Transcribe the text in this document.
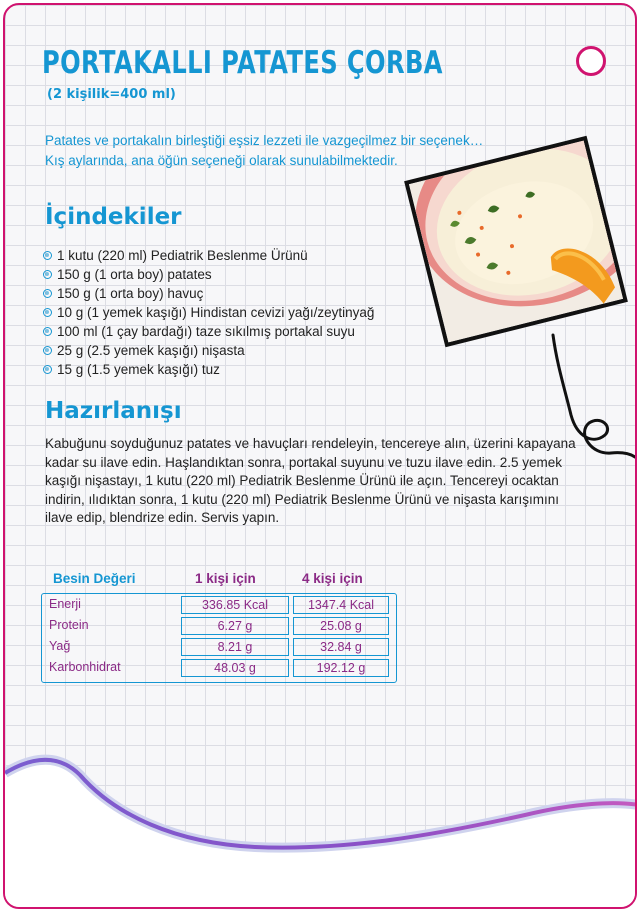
PORTAKALLI PATATES ÇORBA
(2 kişilik=400 ml)

Patates ve portakalın birleştiği eşsiz lezzeti ile vazgeçilmez bir seçenek…

Kış aylarında, ana öğün seçeneği olarak sunulabilmektedir.

İçindekiler
1 kutu (220 ml) Pediatrik Beslenme Ürünü
150 g (1 orta boy) patates
150 g (1 orta boy) havuç
10 g (1 yemek kaşığı) Hindistan cevizi yağı/zeytinyağ
100 ml (1 çay bardağı) taze sıkılmış portakal suyu
25 g (2.5 yemek kaşığı) nişasta
15 g (1.5 yemek kaşığı) tuz
Hazırlanışı

Kabuğunu soyduğunuz patates ve havuçları rendeleyin, tencereye alın, üzerini kapayana kadar su ilave edin. Haşlandıktan sonra, portakal suyunu ve tuzu ilave edin. 2.5 yemek kaşığı nişastayı, 1 kutu (220 ml) Pediatrik Beslenme Ürünü ile açın. Tencereyi ocaktan indirin, ılıdıktan sonra, 1 kutu (220 ml) Pediatrik Beslenme Ürünü ve nişasta karışımını ilave edip, blendrize edin. Servis yapın.

Besin Değeri	1 kişi için	4 kişi için
Enerji	336.85 Kcal	1347.4 Kcal
Protein	6.27 g	25.08 g
Yağ	8.21 g	32.84 g
Karbonhidrat	48.03 g	192.12 g
